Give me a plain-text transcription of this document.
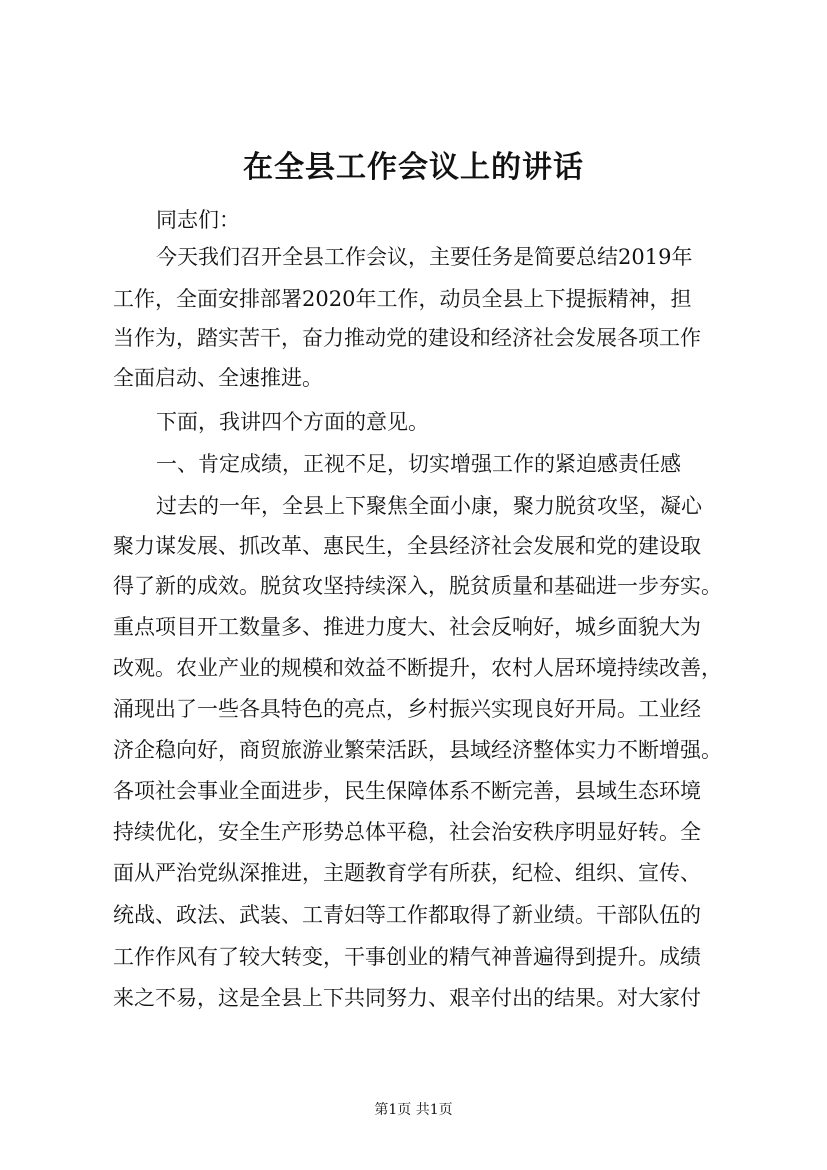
在全县工作会议上的讲话
同志们：
今天我们召开全县工作会议，主要任务是简要总结2019年
工作，全面安排部署2020年工作，动员全县上下提振精神，担
当作为，踏实苦干，奋力推动党的建设和经济社会发展各项工作
全面启动、全速推进。
下面，我讲四个方面的意见。
一、肯定成绩，正视不足，切实增强工作的紧迫感责任感
过去的一年，全县上下聚焦全面小康，聚力脱贫攻坚，凝心
聚力谋发展、抓改革、惠民生，全县经济社会发展和党的建设取
得了新的成效。脱贫攻坚持续深入，脱贫质量和基础进一步夯实。
重点项目开工数量多、推进力度大、社会反响好，城乡面貌大为
改观。农业产业的规模和效益不断提升，农村人居环境持续改善，
涌现出了一些各具特色的亮点，乡村振兴实现良好开局。工业经
济企稳向好，商贸旅游业繁荣活跃，县域经济整体实力不断增强。
各项社会事业全面进步，民生保障体系不断完善，县域生态环境
持续优化，安全生产形势总体平稳，社会治安秩序明显好转。全
面从严治党纵深推进，主题教育学有所获，纪检、组织、宣传、
统战、政法、武装、工青妇等工作都取得了新业绩。干部队伍的
工作作风有了较大转变，干事创业的精气神普遍得到提升。成绩
来之不易，这是全县上下共同努力、艰辛付出的结果。对大家付
第1页 共1页
